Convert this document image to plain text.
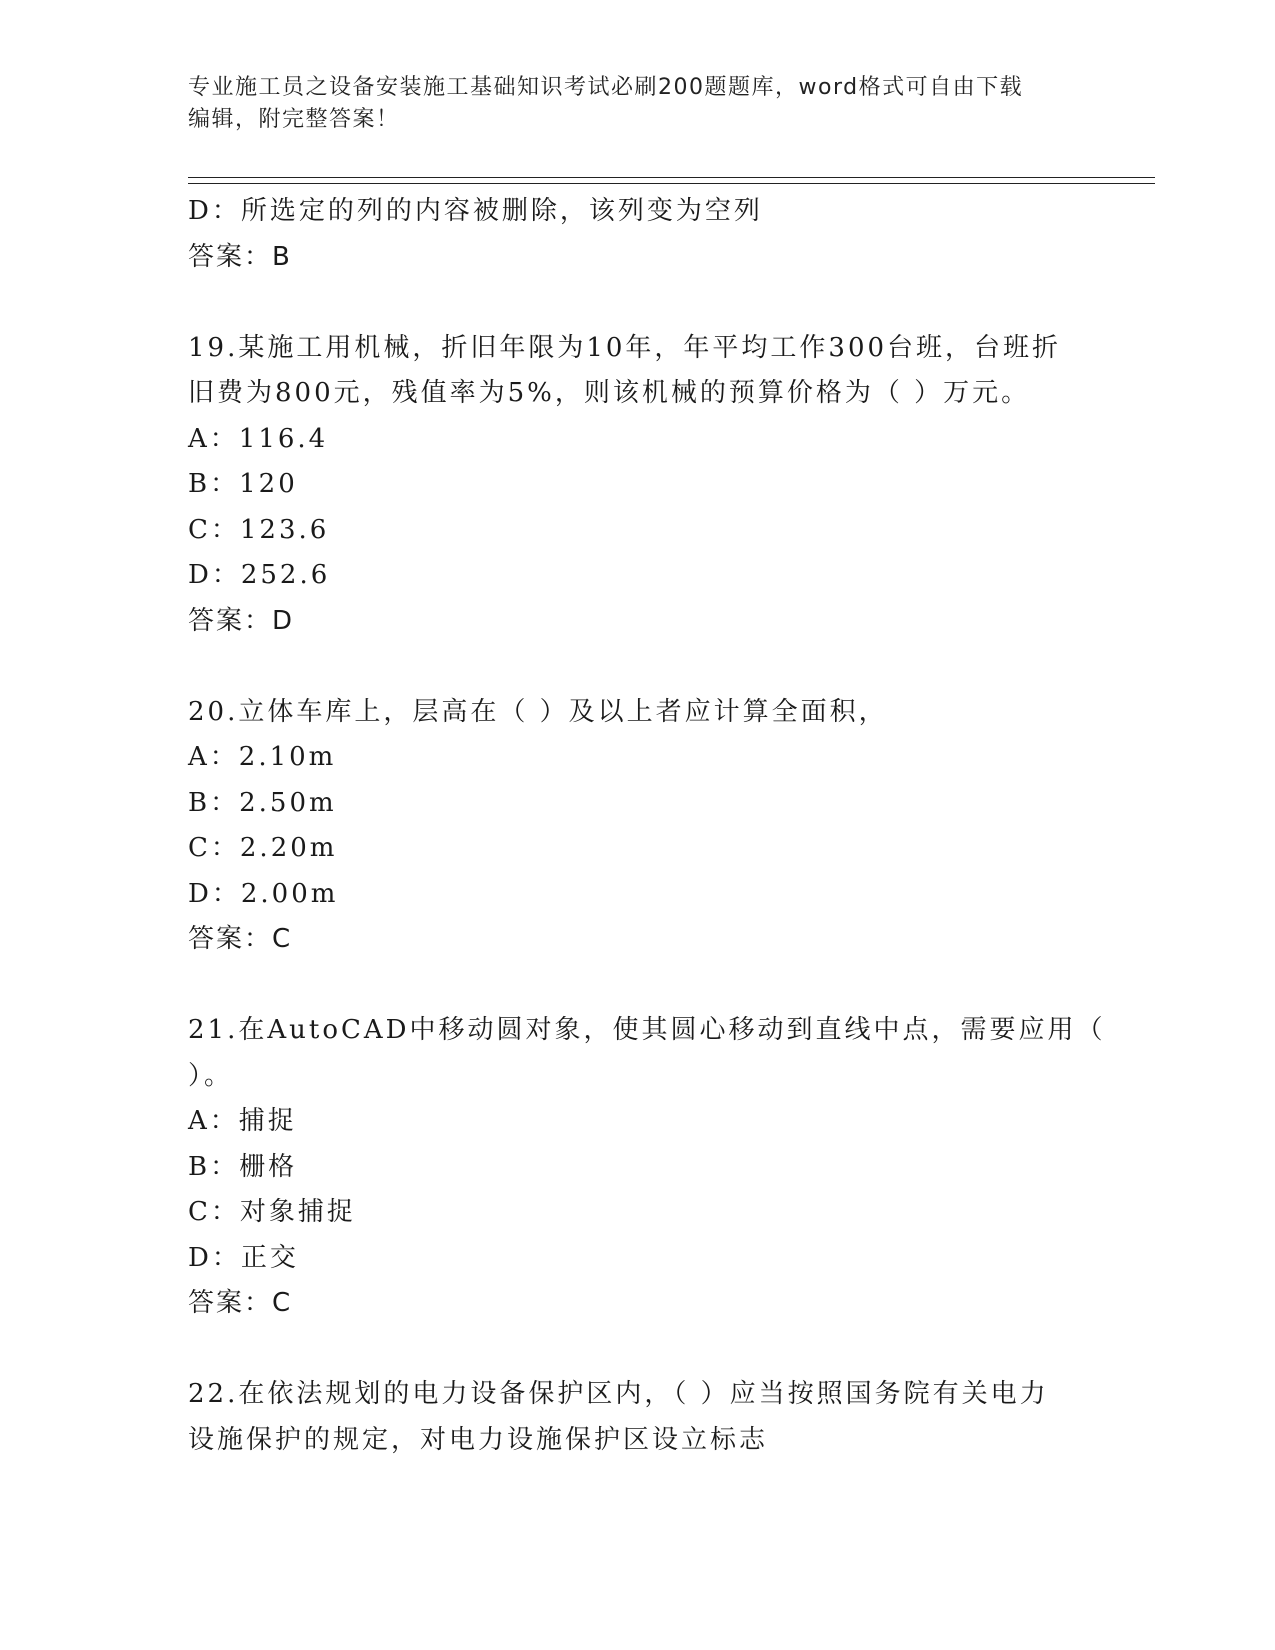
专业施工员之设备安装施工基础知识考试必刷200题题库，word格式可自由下载
编辑，附完整答案！
D：所选定的列的内容被删除，该列变为空列
答案：B
19.某施工用机械，折旧年限为10年，年平均工作300台班，台班折
旧费为800元，残值率为5%，则该机械的预算价格为（ ）万元。
A：116.4
B：120
C：123.6
D：252.6
答案：D
20.立体车库上，层高在（ ）及以上者应计算全面积，
A：2.10m
B：2.50m
C：2.20m
D：2.00m
答案：C
21.在AutoCAD中移动圆对象，使其圆心移动到直线中点，需要应用（
）。
A：捕捉
B：栅格
C：对象捕捉
D：正交
答案：C
22.在依法规划的电力设备保护区内，（ ）应当按照国务院有关电力
设施保护的规定，对电力设施保护区设立标志
